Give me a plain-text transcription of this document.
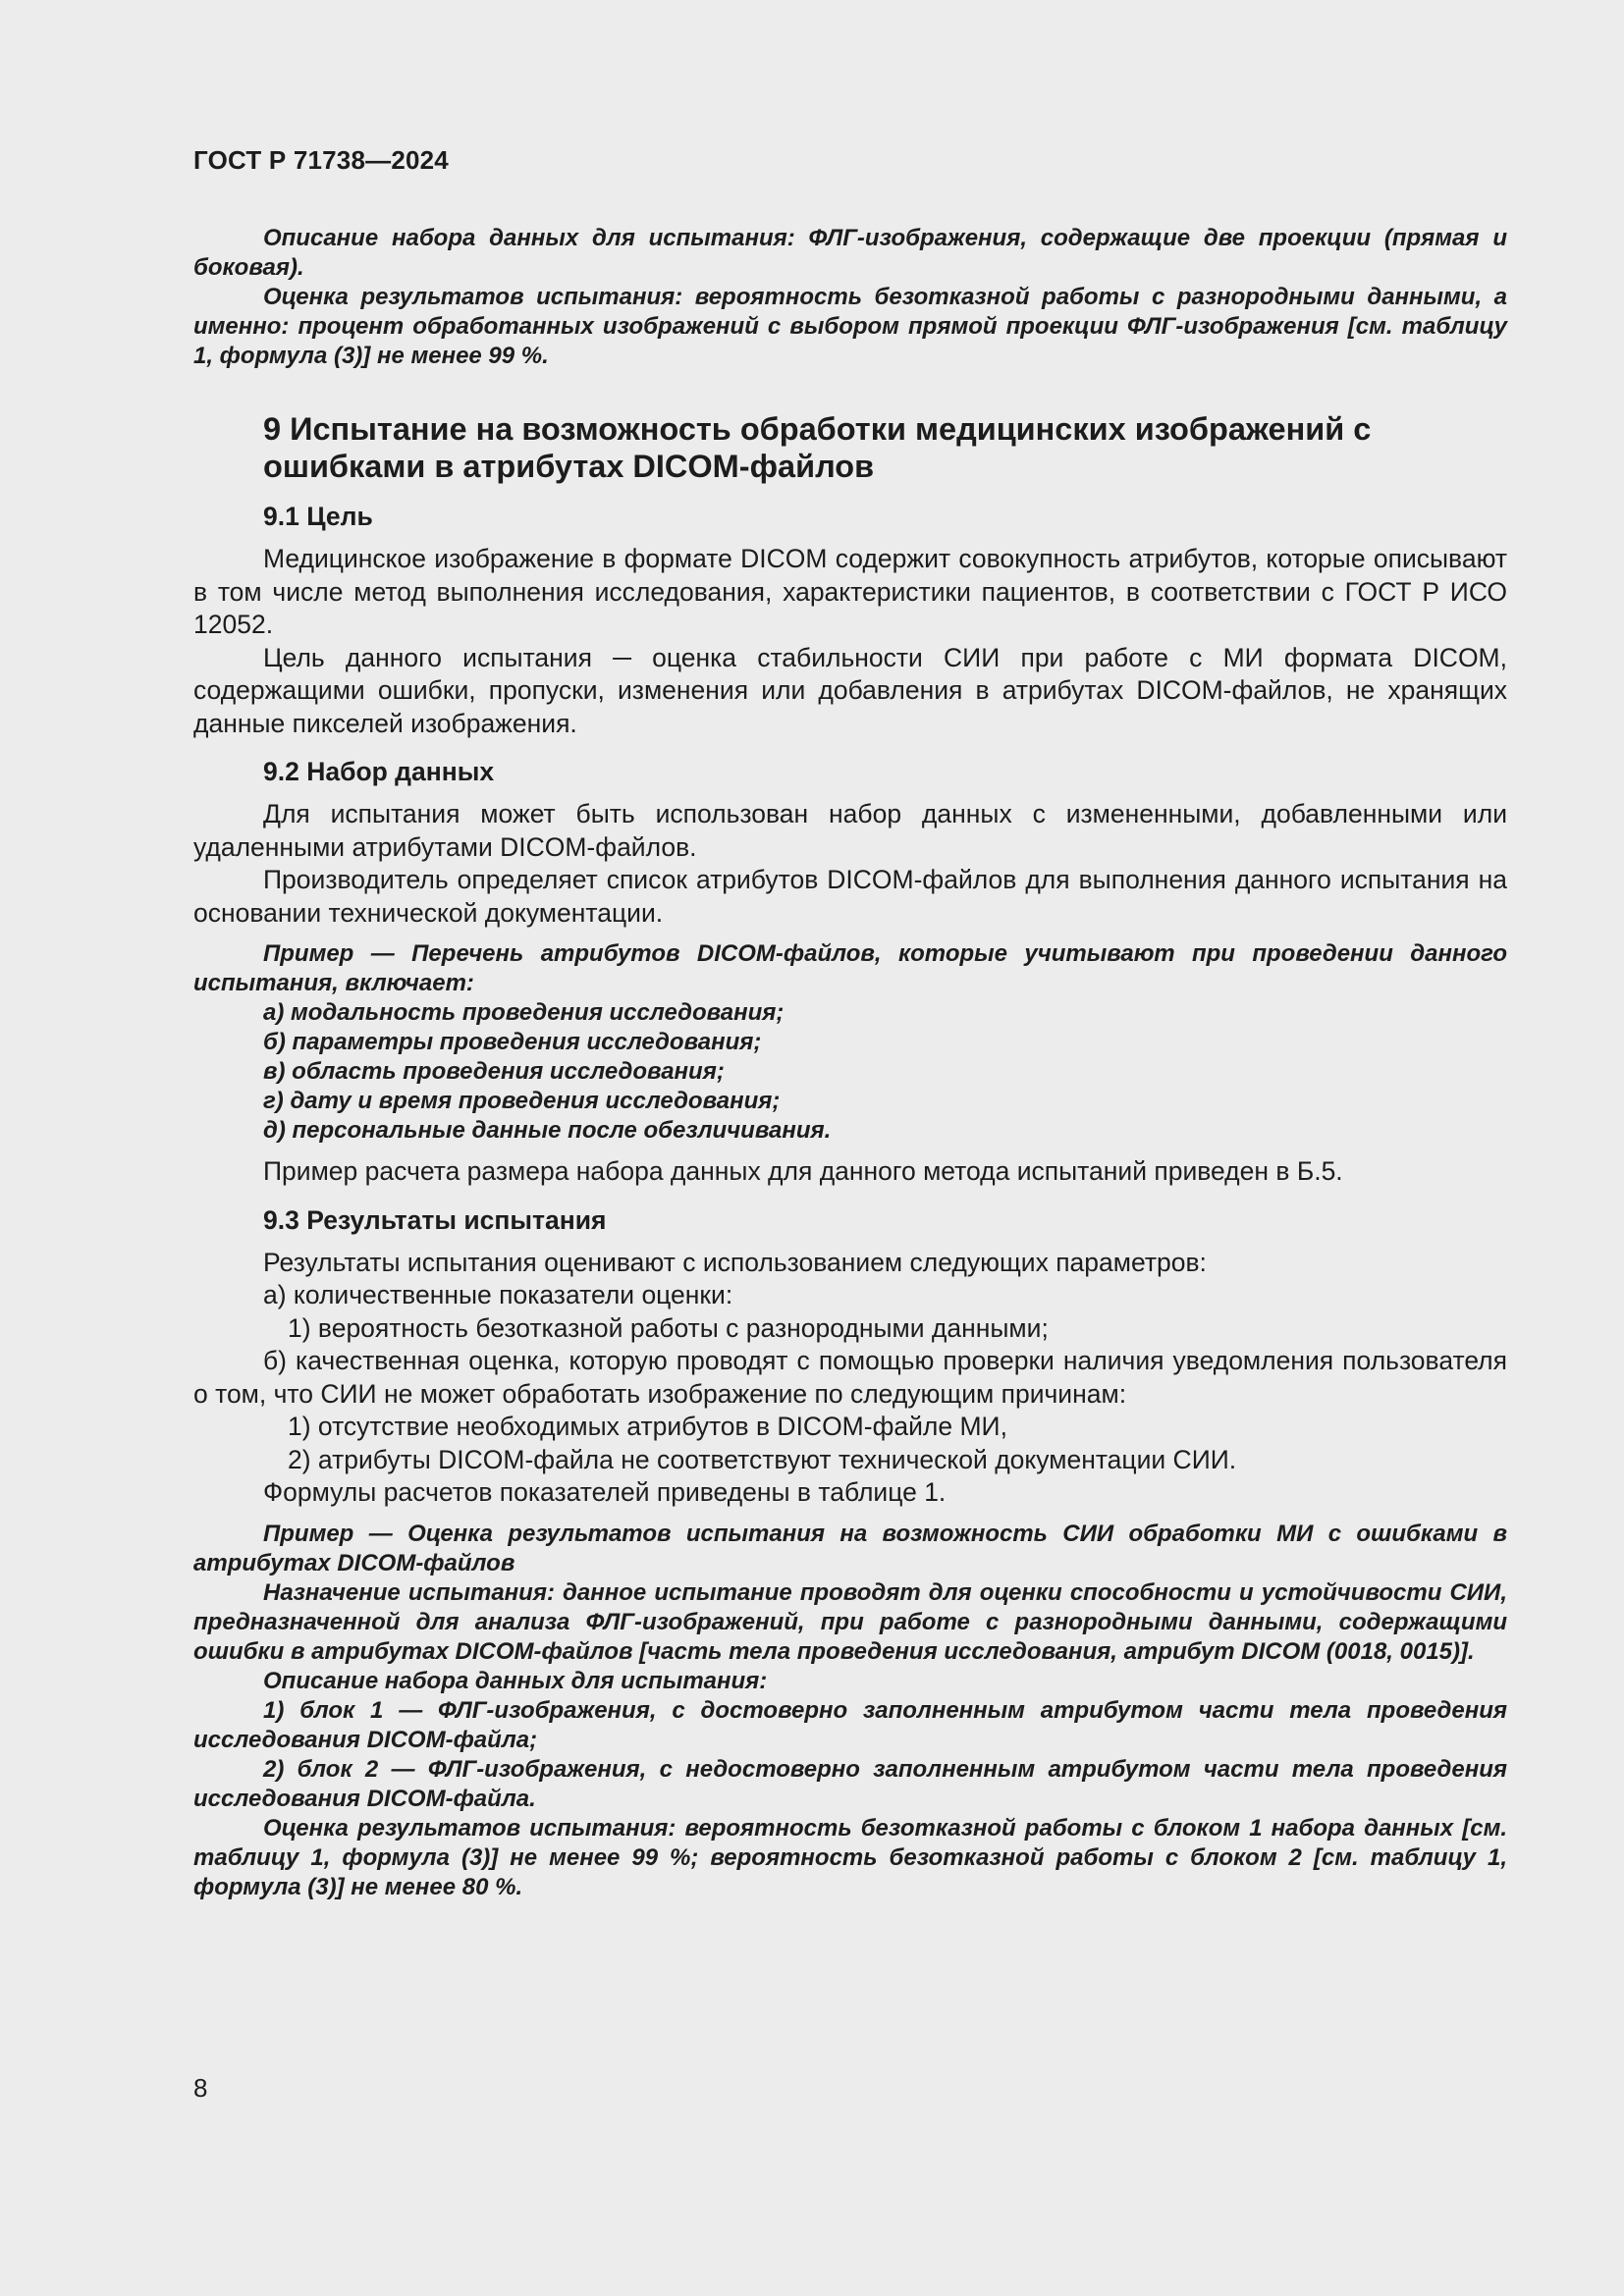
ГОСТ Р 71738—2024

Описание набора данных для испытания: ФЛГ-изображения, содержащие две проекции (прямая и боковая).

Оценка результатов испытания: вероятность безотказной работы с разнородными данными, а именно: процент обработанных изображений с выбором прямой проекции ФЛГ-изображения [см. таблицу 1, формула (3)] не менее 99 %.

9 Испытание на возможность обработки медицинских изображений с ошибками в атрибутах DICOM-файлов
9.1 Цель

Медицинское изображение в формате DICOM содержит совокупность атрибутов, которые описывают в том числе метод выполнения исследования, характеристики пациентов, в соответствии с ГОСТ Р ИСО 12052.

Цель данного испытания ─ оценка стабильности СИИ при работе с МИ формата DICOM, содержащими ошибки, пропуски, изменения или добавления в атрибутах DICOM-файлов, не хранящих данные пикселей изображения.

9.2 Набор данных

Для испытания может быть использован набор данных с измененными, добавленными или удаленными атрибутами DICOM-файлов.

Производитель определяет список атрибутов DICOM-файлов для выполнения данного испытания на основании технической документации.

Пример — Перечень атрибутов DICOM-файлов, которые учитывают при проведении данного испытания, включает:

а) модальность проведения исследования;

б) параметры проведения исследования;

в) область проведения исследования;

г) дату и время проведения исследования;

д) персональные данные после обезличивания.

Пример расчета размера набора данных для данного метода испытаний приведен в Б.5.

9.3 Результаты испытания

Результаты испытания оценивают с использованием следующих параметров:

а) количественные показатели оценки:

1) вероятность безотказной работы с разнородными данными;

б) качественная оценка, которую проводят с помощью проверки наличия уведомления пользователя о том, что СИИ не может обработать изображение по следующим причинам:

1) отсутствие необходимых атрибутов в DICOM-файле МИ,

2) атрибуты DICOM-файла не соответствуют технической документации СИИ.

Формулы расчетов показателей приведены в таблице 1.

Пример — Оценка результатов испытания на возможность СИИ обработки МИ с ошибками в атрибутах DICOM-файлов

Назначение испытания: данное испытание проводят для оценки способности и устойчивости СИИ, предназначенной для анализа ФЛГ-изображений, при работе с разнородными данными, содержащими ошибки в атрибутах DICOM-файлов [часть тела проведения исследования, атрибут DICOM (0018, 0015)].

Описание набора данных для испытания:

1) блок 1 — ФЛГ-изображения, с достоверно заполненным атрибутом части тела проведения исследования DICOM-файла;

2) блок 2 — ФЛГ-изображения, с недостоверно заполненным атрибутом части тела проведения исследования DICOM-файла.

Оценка результатов испытания: вероятность безотказной работы с блоком 1 набора данных [см. таблицу 1, формула (3)] не менее 99 %; вероятность безотказной работы с блоком 2 [см. таблицу 1, формула (3)] не менее 80 %.

8
